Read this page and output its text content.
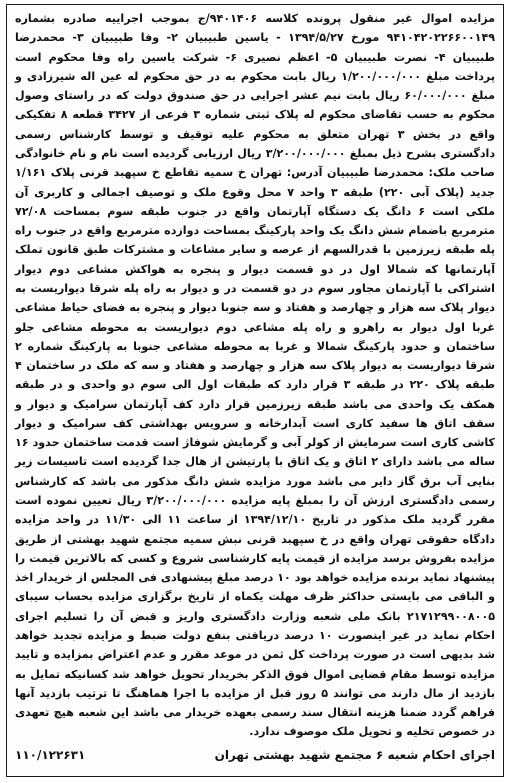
مزایده اموال غیر منقول پرونده کلاسه ۹۴۰۱۴۰۶/ج بموجب اجراییه صادره بشماره ۹۴۱۰۴۲۰۲۲۶۶۰۰۱۴۹ مورخ ۱۳۹۴/۵/۲۷ - یاسین طبیبیان ۲- وفا طبیبیان ۳- محمدرضا طبیبیان ۴- نصرت طبیبیان ۵- اعظم نصیری ۶- شرکت یاسین راه وفا محکوم است پرداخت مبلغ ۱/۲۰۰/۰۰۰/۰۰۰ ریال بابت محکوم به در حق محکوم له عین اله شیرزادی و مبلغ ۶۰/۰۰۰/۰۰۰ ریال بابت نیم عشر اجرایی در حق صندوق دولت که در راستای وصول محکوم به حسب تقاضای محکوم له پلاک ثبتی شماره ۳ فرعی از ۳۴۲۷ قطعه ۸ تفکیکی واقع در بخش ۳ تهران متعلق به محکوم علیه توقیف و توسط کارشناس رسمی دادگستری بشرح ذیل بمبلغ ۳/۲۰۰/۰۰۰/۰۰۰ ریال ارزیابی گردیده است نام و نام خانوادگی صاحب ملک: محمدرضا طبیبیان آدرس: تهران خ سمیه تقاطع خ سپهبد قرنی پلاک ۱/۱۶۱ جدید (پلاک آبی ۲۲۰) طبقه ۳ واحد ۷ محل وقوع ملک و توصیف اجمالی و کاربری آن ملکی است ۶ دانگ یک دستگاه آپارتمان واقع در جنوب طبقه سوم بمساحت ۷۲/۰۸ مترمربع باضمام شش دانگ یک واحد پارکینگ بمساحت دوازده مترمربع واقع در جنوب راه پله طبقه زیرزمین با قدرالسهم از عرصه و سایر مشاعات و مشترکات طبق قانون تملک آپارتمانها که شمالا اول در دو قسمت دیوار و پنجره به هواکش مشاعی دوم دیوار اشتراکی با آپارتمان مجاور سوم در دو قسمت در و دیوار به راه پله شرقا دیواریست به دیوار پلاک سه هزار و چهارصد و هفتاد و سه جنوبا دیوار و پنجره به فضای حیاط مشاعی غربا اول دیوار به راهرو و راه پله مشاعی دوم دیواریست به محوطه مشاعی جلو ساختمان و حدود پارکینگ شمالا و غربا به محوطه مشاعی جنوبا به پارکینگ شماره ۲ شرقا دیواریست به دیوار پلاک سه هزار و چهارصد و هفتاد و سه که ملک در ساختمان ۴ طبقه پلاک ۲۲۰ در طبقه ۳ قرار دارد که طبقات اول الی سوم دو واحدی و در طبقه همکف یک واحدی می باشد طبقه زیرزمین قرار دارد کف آپارتمان سرامیک و دیوار و سقف اتاق ها سفید کاری است آبدارخانه و سرویس بهداشتی کف سرامیک و دیوار کاشی کاری است سرمایش از کولر آبی و گرمایش شوفاژ است قدمت ساختمان حدود ۱۶ ساله می باشد دارای ۲ اتاق و یک اتاق با پارتیشن از هال جدا گردیده است تاسیسات زیر بنایی آب برق گاز دایر می باشد مورد مزایده شش دانگ مذکور می باشد که کارشناس رسمی دادگستری ارزش آن را بمبلغ پایه مزایده ۳/۲۰۰/۰۰۰/۰۰۰ ریال تعیین نموده است مقرر گردید ملک مذکور در تاریخ ۱۳۹۴/۱۲/۱۰ از ساعت ۱۱ الی ۱۱/۳۰ در واحد مزایده دادگاه حقوقی تهران واقع در خ سپهبد قرنی نبش سمیه مجتمع شهید بهشتی از طریق مزایده بفروش برسد مزایده از قیمت پایه کارشناسی شروع و کسی که بالاترین قیمت را پیشنهاد نماید برنده مزایده خواهد بود ۱۰ درصد مبلغ پیشنهادی فی المجلس از خریدار اخذ و الباقی می بایستی حداکثر ظرف مهلت یکماه از تاریخ برگزاری مزایده بحساب سیبای ۲۱۷۱۲۹۹۰۰۸۰۰۵ بانک ملی شعبه وزارت دادگستری واریز و قبض آن را تسلیم اجرای احکام نماید در غیر اینصورت ۱۰ درصد دریافتی بنفع دولت ضبط و مزایده تجدید خواهد شد بدیهی است در صورت پرداخت کل ثمن در موعد مقرر و عدم اعتراض بمزایده و تایید مزایده توسط مقام قضایی اموال فوق الذکر بخریدار تحویل خواهد شد کسانیکه تمایل به بازدید از مال دارند می توانند ۵ روز قبل از مزایده با اجرا هماهنگ تا ترتیب بازدید آنها فراهم گردد ضمنا هزینه انتقال سند رسمی بعهده خریدار می باشد این شعبه هیچ تعهدی در خصوص تخلیه و تحویل ملک موصوف ندارد.

اجرای احکام شعبه ۶ مجتمع شهید بهشتی تهران
۱۱۰/۱۲۲۶۳۱
